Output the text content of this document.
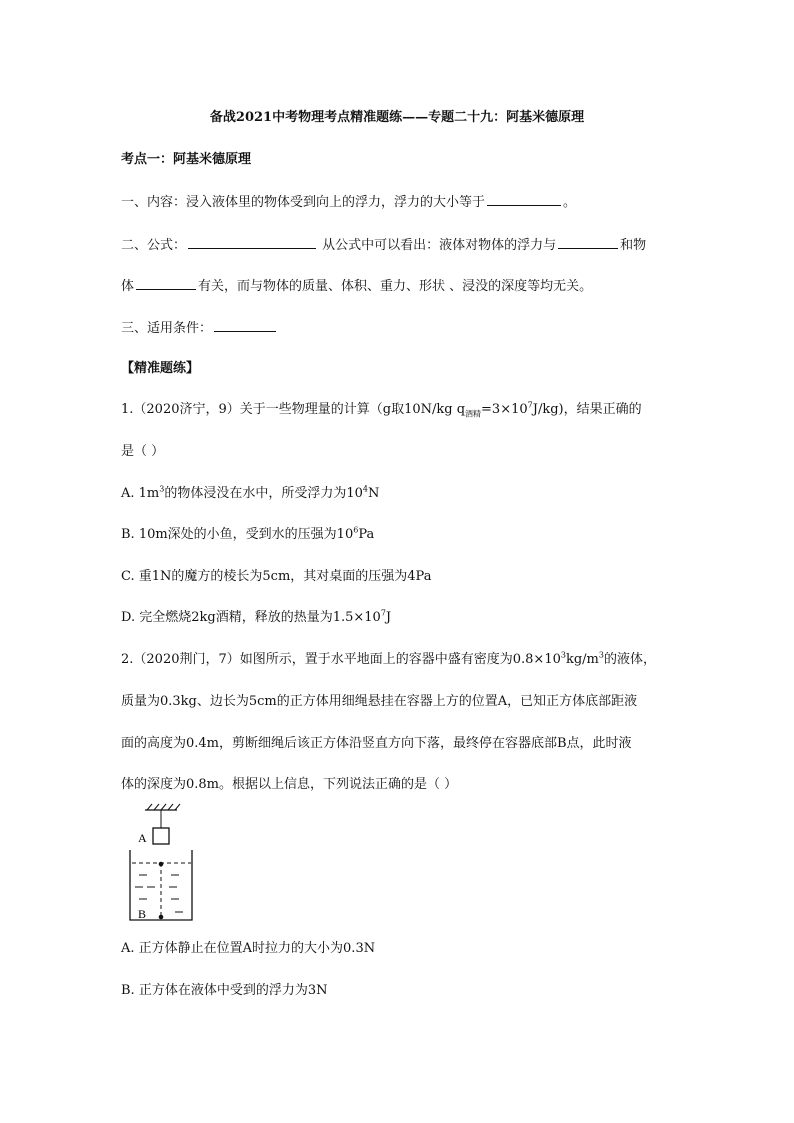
备战2021中考物理考点精准题练——专题二十九：阿基米德原理
考点一：阿基米德原理
一、内容：浸入液体里的物体受到向上的浮力，浮力的大小等于	。
二、公式：	从公式中可以看出：液体对物体的浮力与	和物
体	有关，而与物体的质量、体积、重力、形状 、浸没的深度等均无关。
三、适用条件：
【精准题练】
1.（2020济宁，9）关于一些物理量的计算（g取10N/kg $q_{酒精}=3\times 10^7J/kg$)，结果正确的
是（ ）
A. $1m^3$的物体浸没在水中，所受浮力为$10^4N$
B. 10m深处的小鱼，受到水的压强为$10^6Pa$
C. 重1N的魔方的棱长为5cm，其对桌面的压强为4Pa
D. 完全燃烧2kg酒精，释放的热量为$1.5\times 10^7J$
2.（2020荆门，7）如图所示，置于水平地面上的容器中盛有密度为$0.8\times 10^3kg/m^3$的液体，
质量为0.3kg、边长为5cm的正方体用细绳悬挂在容器上方的位置A，已知正方体底部距液
面的高度为0.4m，剪断细绳后该正方体沿竖直方向下落，最终停在容器底部B点，此时液
体的深度为0.8m。根据以上信息，下列说法正确的是（ ）
A
B
A. 正方体静止在位置A时拉力的大小为0.3N
B. 正方体在液体中受到的浮力为3N
